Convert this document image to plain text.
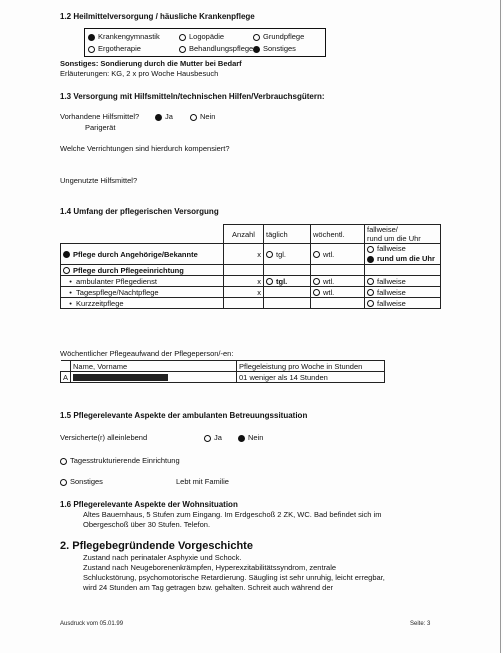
1.2 Heilmittelversorgung / häusliche Krankenpflege
Krankengymnastik	Logopädie	Grundpflege
Ergotherapie	Behandlungspflege	Sonstiges
Sonstiges: Sondierung durch die Mutter bei Bedarf
Erläuterungen: KG, 2 x pro Woche Hausbesuch
1.3 Versorgung mit Hilfsmitteln/technischen Hilfen/Verbrauchsgütern:
Vorhandene Hilfsmittel?	Ja	Nein
Parigerät
Welche Verrichtungen sind hierdurch kompensiert?
Ungenutzte Hilfsmittel?
1.4 Umfang der pflegerischen Versorgung
	Anzahl	täglich	wöchentl.	fallweise/
rund um die Uhr
Pflege durch Angehörige/Bekannte	x	tgl.	wtl.	fallweise
rund um die Uhr
Pflege durch Pflegeeinrichtung				
•  ambulanter Pflegedienst	x	tgl.	wtl.	fallweise
•  Tagespflege/Nachtpflege	x		wtl.	fallweise
•  Kurzzeitpflege				fallweise
Wöchentlicher Pflegeaufwand der Pflegeperson/-en:
	Name, Vorname	Pflegeleistung pro Woche in Stunden
A		01 weniger als 14 Stunden
1.5 Pflegerelevante Aspekte der ambulanten Betreuungssituation
Versicherte(r) alleinlebend	Ja	Nein
Tagesstrukturierende Einrichtung
Sonstiges	Lebt mit Familie
1.6 Pflegerelevante Aspekte der Wohnsituation
Altes Bauernhaus, 5 Stufen zum Eingang. Im Erdgeschoß 2 ZK, WC. Bad befindet sich im
Obergeschoß über 30 Stufen. Telefon.
2. Pflegebegründende Vorgeschichte
Zustand nach perinataler Asphyxie und Schock.
Zustand nach Neugeborenenkrämpfen, Hyperexzitabilitätssyndrom, zentrale
Schluckstörung, psychomotorische Retardierung. Säugling ist sehr unruhig, leicht erregbar,
wird 24 Stunden am Tag getragen bzw. gehalten. Schreit auch während der
Ausdruck vom 05.01.99	Seite: 3
